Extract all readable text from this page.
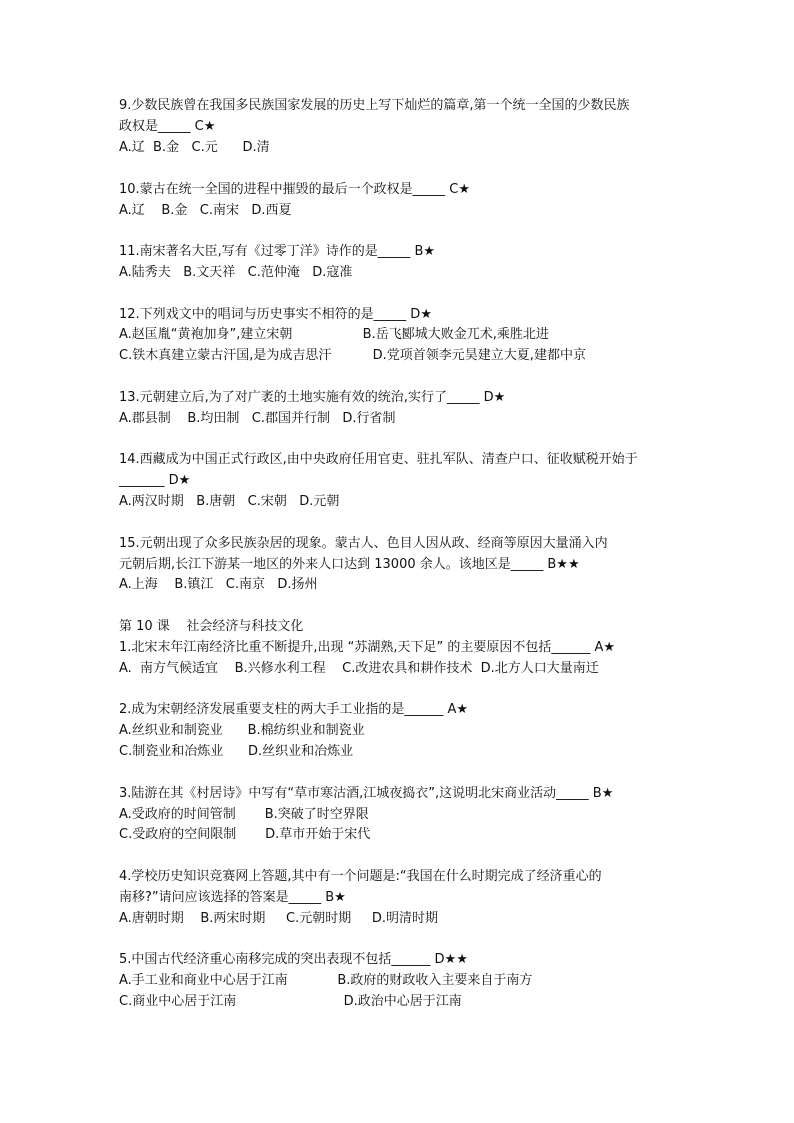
9.少数民族曾在我国多民族国家发展的历史上写下灿烂的篇章,第一个统一全国的少数民族
政权是_____ C★
A.辽  B.金   C.元      D.清
10.蒙古在统一全国的进程中摧毁的最后一个政权是_____ C★
A.辽    B.金   C.南宋   D.西夏
11.南宋著名大臣,写有《过零丁洋》诗作的是_____ B★
A.陆秀夫   B.文天祥   C.范仲淹   D.寇准
12.下列戏文中的唱词与历史事实不相符的是_____ D★
A.赵匡胤“黄袍加身”,建立宋朝                 B.岳飞郾城大败金兀术,乘胜北进
C.铁木真建立蒙古汗国,是为成吉思汗          D.党项首领李元昊建立大夏,建都中京
13.元朝建立后,为了对广袤的土地实施有效的统治,实行了_____ D★
A.郡县制    B.均田制   C.郡国并行制   D.行省制
14.西藏成为中国正式行政区,由中央政府任用官吏、驻扎军队、清查户口、征收赋税开始于
_______ D★
A.两汉时期   B.唐朝   C.宋朝   D.元朝
15.元朝出现了众多民族杂居的现象。蒙古人、色目人因从政、经商等原因大量涌入内
元朝后期,长江下游某一地区的外来人口达到 13000 余人。该地区是_____ B★★
A.上海    B.镇江   C.南京   D.扬州
第 10 课    社会经济与科技文化
1.北宋末年江南经济比重不断提升,出现 “苏湖熟,天下足” 的主要原因不包括______ A★
A.  南方气候适宜    B.兴修水利工程    C.改进农具和耕作技术  D.北方人口大量南迁
2.成为宋朝经济发展重要支柱的两大手工业指的是______ A★
A.丝织业和制瓷业      B.棉纺织业和制瓷业
C.制瓷业和冶炼业      D.丝织业和冶炼业
3.陆游在其《村居诗》中写有“草市寒沽酒,江城夜捣衣”,这说明北宋商业活动_____ B★
A.受政府的时间管制       B.突破了时空界限
C.受政府的空间限制       D.草市开始于宋代
4.学校历史知识竞赛网上答题,其中有一个问题是:“我国在什么时期完成了经济重心的
南移?”请问应该选择的答案是_____ B★
A.唐朝时期    B.两宋时期     C.元朝时期     D.明清时期
5.中国古代经济重心南移完成的突出表现不包括______ D★★
A.手工业和商业中心居于江南            B.政府的财政收入主要来自于南方
C.商业中心居于江南                          D.政治中心居于江南
